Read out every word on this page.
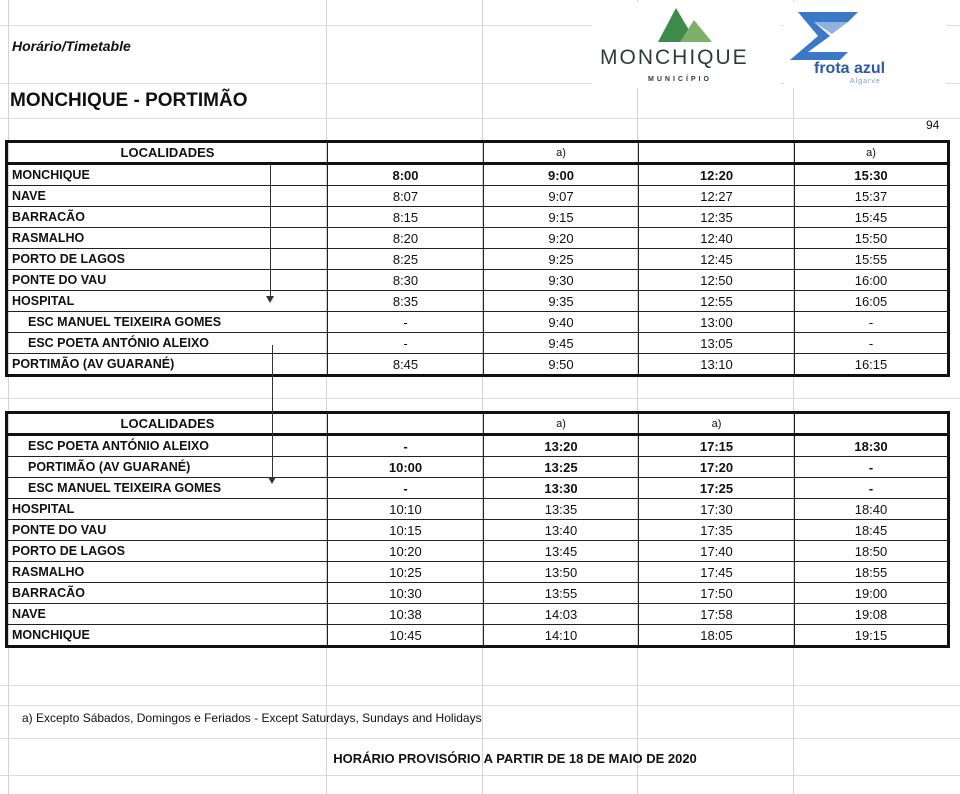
Horário/Timetable
MONCHIQUE - PORTIMÃO
94
MONCHIQUE
MUNICÍPIO
frota azul
Algarve
LOCALIDADES		a)		a)
MONCHIQUE	8:00	9:00	12:20	15:30
NAVE	8:07	9:07	12:27	15:37
BARRACÃO	8:15	9:15	12:35	15:45
RASMALHO	8:20	9:20	12:40	15:50
PORTO DE LAGOS	8:25	9:25	12:45	15:55
PONTE DO VAU	8:30	9:30	12:50	16:00
HOSPITAL	8:35	9:35	12:55	16:05
ESC MANUEL TEIXEIRA GOMES	-	9:40	13:00	-
ESC POETA ANTÓNIO ALEIXO	-	9:45	13:05	-
PORTIMÃO (AV GUARANÉ)	8:45	9:50	13:10	16:15
LOCALIDADES		a)	a)	
ESC POETA ANTÓNIO ALEIXO	-	13:20	17:15	18:30
PORTIMÃO (AV GUARANÉ)	10:00	13:25	17:20	-
ESC MANUEL TEIXEIRA GOMES	-	13:30	17:25	-
HOSPITAL	10:10	13:35	17:30	18:40
PONTE DO VAU	10:15	13:40	17:35	18:45
PORTO DE LAGOS	10:20	13:45	17:40	18:50
RASMALHO	10:25	13:50	17:45	18:55
BARRACÃO	10:30	13:55	17:50	19:00
NAVE	10:38	14:03	17:58	19:08
MONCHIQUE	10:45	14:10	18:05	19:15
a) Excepto Sábados, Domingos e Feriados - Except Saturdays, Sundays and Holidays
HORÁRIO PROVISÓRIO A PARTIR DE 18 DE MAIO DE 2020
